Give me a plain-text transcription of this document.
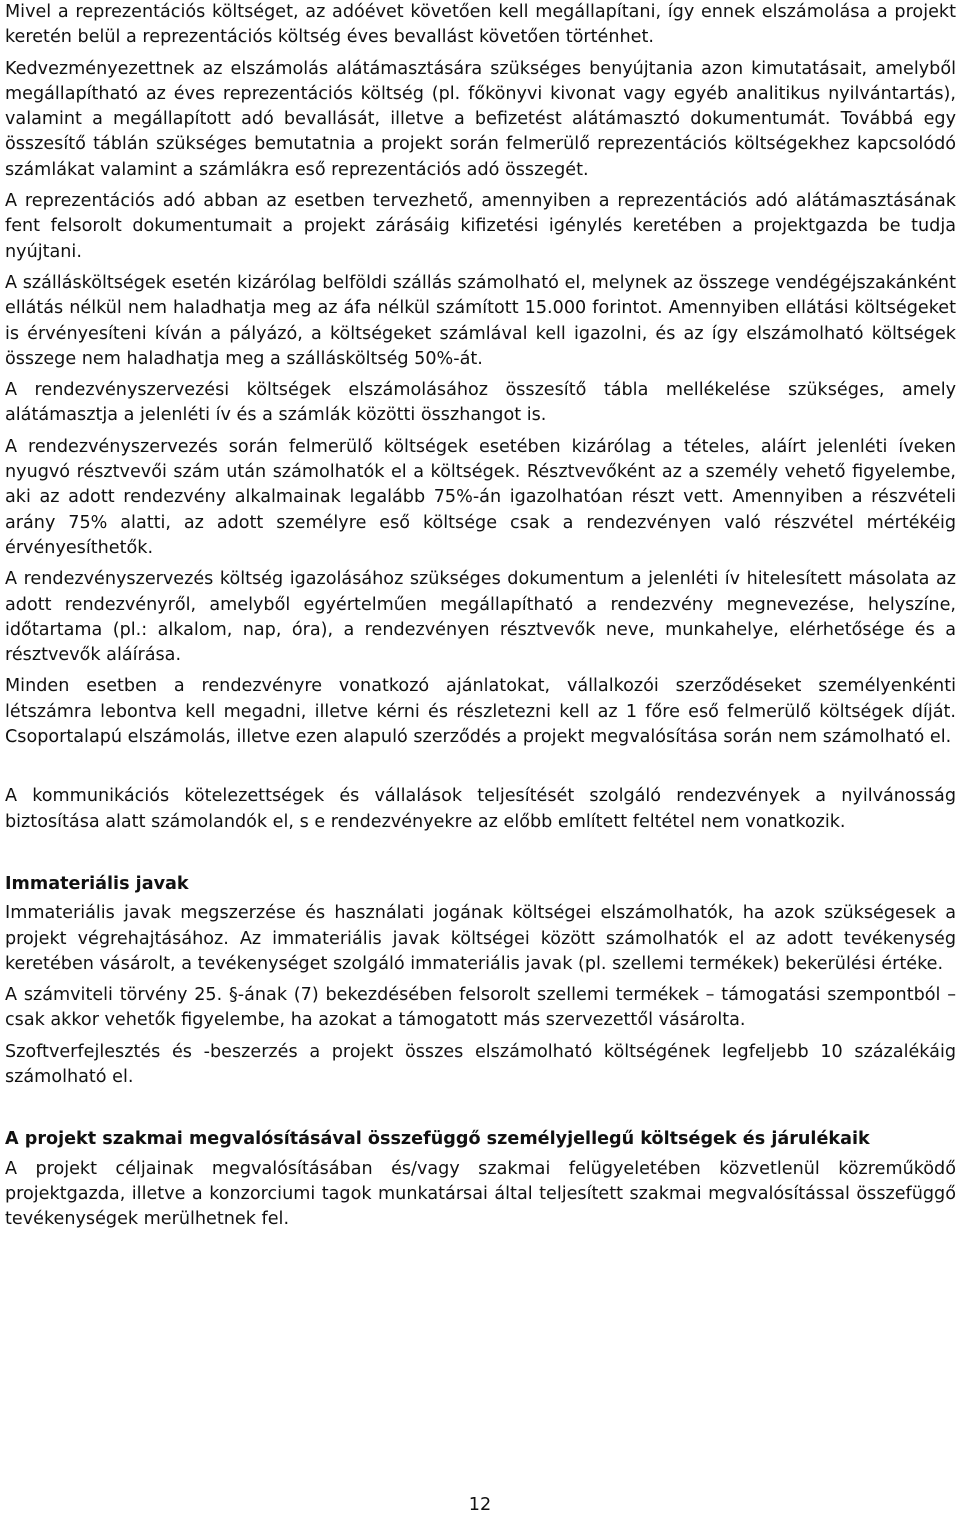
Mivel a reprezentációs költséget, az adóévet követően kell megállapítani, így ennek elszámolása a projekt keretén belül a reprezentációs költség éves bevallást követően történhet.

Kedvezményezettnek az elszámolás alátámasztására szükséges benyújtania azon kimutatásait, amelyből megállapítható az éves reprezentációs költség (pl. főkönyvi kivonat vagy egyéb analitikus nyilvántartás), valamint a megállapított adó bevallását, illetve a befizetést alátámasztó dokumentumát. Továbbá egy összesítő táblán szükséges bemutatnia a projekt során felmerülő reprezentációs költségekhez kapcsolódó számlákat valamint a számlákra eső reprezentációs adó összegét.

A reprezentációs adó abban az esetben tervezhető, amennyiben a reprezentációs adó alátámasztásának fent felsorolt dokumentumait a projekt zárásáig kifizetési igénylés keretében a projektgazda be tudja nyújtani.

A szállásköltségek esetén kizárólag belföldi szállás számolható el, melynek az összege vendégéjszakánként ellátás nélkül nem haladhatja meg az áfa nélkül számított 15.000 forintot. Amennyiben ellátási költségeket is érvényesíteni kíván a pályázó, a költségeket számlával kell igazolni, és az így elszámolható költségek összege nem haladhatja meg a szállásköltség 50%-át.

A rendezvényszervezési költségek elszámolásához összesítő tábla mellékelése szükséges, amely alátámasztja a jelenléti ív és a számlák közötti összhangot is.

A rendezvényszervezés során felmerülő költségek esetében kizárólag a tételes, aláírt jelenléti íveken nyugvó résztvevői szám után számolhatók el a költségek. Résztvevőként az a személy vehető figyelembe, aki az adott rendezvény alkalmainak legalább 75%-án igazolhatóan részt vett. Amennyiben a részvételi arány 75% alatti, az adott személyre eső költsége csak a rendezvényen való részvétel mértékéig érvényesíthetők.

A rendezvényszervezés költség igazolásához szükséges dokumentum a jelenléti ív hitelesített másolata az adott rendezvényről, amelyből egyértelműen megállapítható a rendezvény megnevezése, helyszíne, időtartama (pl.: alkalom, nap, óra), a rendezvényen résztvevők neve, munkahelye, elérhetősége és a résztvevők aláírása.

Minden esetben a rendezvényre vonatkozó ajánlatokat, vállalkozói szerződéseket személyenkénti létszámra lebontva kell megadni, illetve kérni és részletezni kell az 1 főre eső felmerülő költségek díját. Csoportalapú elszámolás, illetve ezen alapuló szerződés a projekt megvalósítása során nem számolható el.

A kommunikációs kötelezettségek és vállalások teljesítését szolgáló rendezvények a nyilvánosság biztosítása alatt számolandók el, s e rendezvényekre az előbb említett feltétel nem vonatkozik.

Immateriális javak

Immateriális javak megszerzése és használati jogának költségei elszámolhatók, ha azok szükségesek a projekt végrehajtásához. Az immateriális javak költségei között számolhatók el az adott tevékenység keretében vásárolt, a tevékenységet szolgáló immateriális javak (pl. szellemi termékek) bekerülési értéke.

A számviteli törvény 25. §-ának (7) bekezdésében felsorolt szellemi termékek – támogatási szempontból – csak akkor vehetők figyelembe, ha azokat a támogatott más szervezettől vásárolta.

Szoftverfejlesztés és -beszerzés a projekt összes elszámolható költségének legfeljebb 10 százalékáig számolható el.

A projekt szakmai megvalósításával összefüggő személyjellegű költségek és járulékaik

A projekt céljainak megvalósításában és/vagy szakmai felügyeletében közvetlenül közreműködő projektgazda, illetve a konzorciumi tagok munkatársai által teljesített szakmai megvalósítással összefüggő tevékenységek merülhetnek fel.

12
